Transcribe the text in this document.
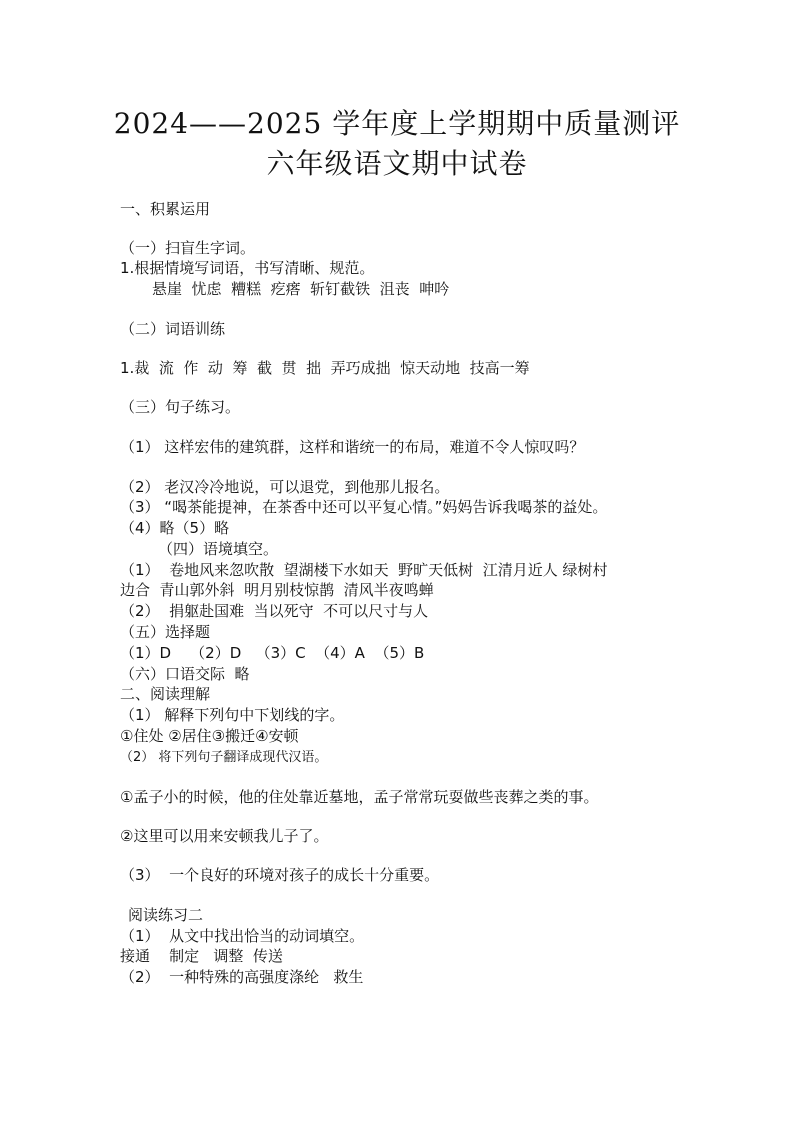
2024——2025 学年度上学期期中质量测评
六年级语文期中试卷
一、积累运用
（一）扫盲生字词。
1.根据情境写词语，书写清晰、规范。
悬崖  忧虑  糟糕  疙瘩  斩钉截铁  沮丧  呻吟
（二）词语训练
1.裁  流  作  动  筹  截  贯  拙  弄巧成拙  惊天动地  技高一筹
（三）句子练习。
（1） 这样宏伟的建筑群，这样和谐统一的布局，难道不令人惊叹吗？
（2） 老汉冷冷地说，可以退党，到他那儿报名。
（3） “喝茶能提神，在茶香中还可以平复心情。”妈妈告诉我喝茶的益处。
（4）略（5）略
（四）语境填空。
（1）  卷地风来忽吹散  望湖楼下水如天  野旷天低树  江清月近人 绿树村
边合  青山郭外斜  明月别枝惊鹊  清风半夜鸣蝉
（2）  捐躯赴国难  当以死守  不可以尺寸与人
（五）选择题
（1）D    （2）D   （3）C  （4）A  （5）B
（六）口语交际  略
二、阅读理解
（1） 解释下列句中下划线的字。
①住处 ②居住③搬迁④安顿
（2） 将下列句子翻译成现代汉语。
①孟子小的时候，他的住处靠近墓地，孟子常常玩耍做些丧葬之类的事。
②这里可以用来安顿我儿子了。
（3）  一个良好的环境对孩子的成长十分重要。
阅读练习二
（1）  从文中找出恰当的动词填空。
接通    制定   调整  传送
（2）  一种特殊的高强度涤纶   救生
